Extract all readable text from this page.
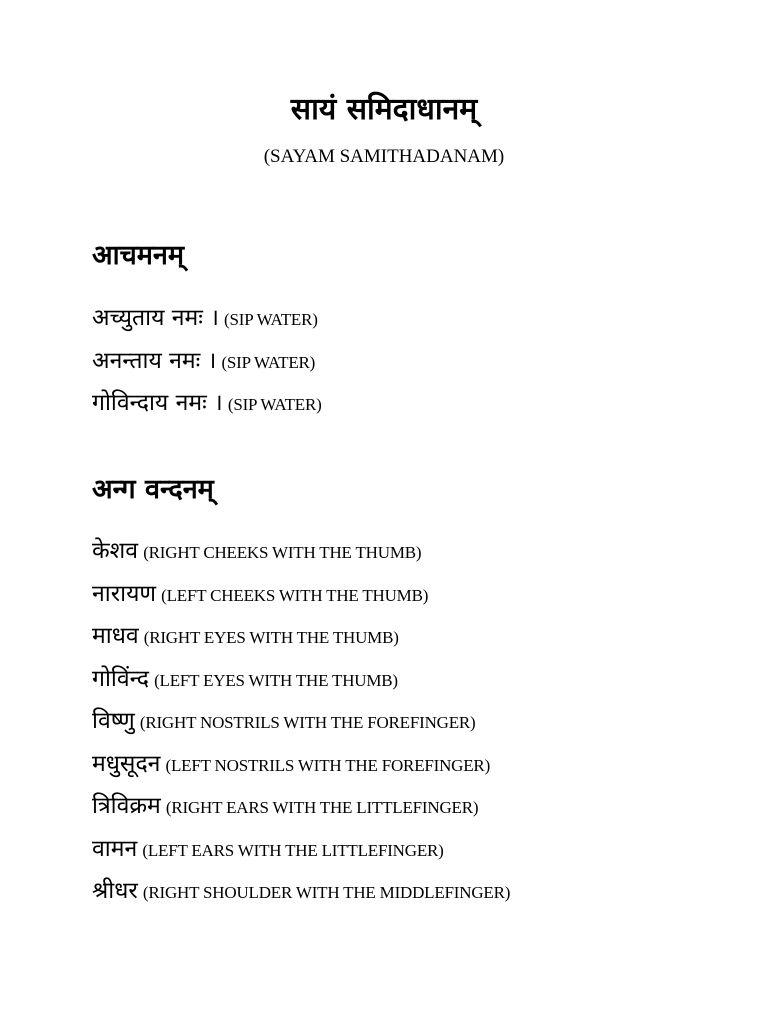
सायं समिदाधानम्
(SAYAM SAMITHADANAM)
आचमनम्
अच्युताय नमः । (SIP WATER)
अनन्ताय नमः । (SIP WATER)
गोविन्दाय नमः । (SIP WATER)
अन्ग वन्दनम्
केशव (RIGHT CHEEKS WITH THE THUMB)
नारायण (LEFT CHEEKS WITH THE THUMB)
माधव (RIGHT EYES WITH THE THUMB)
गोविंन्द (LEFT EYES WITH THE THUMB)
विष्णु (RIGHT NOSTRILS WITH THE FOREFINGER)
मधुसूदन (LEFT NOSTRILS WITH THE FOREFINGER)
त्रिविक्रम (RIGHT EARS WITH THE LITTLEFINGER)
वामन (LEFT EARS WITH THE LITTLEFINGER)
श्रीधर (RIGHT SHOULDER WITH THE MIDDLEFINGER)
